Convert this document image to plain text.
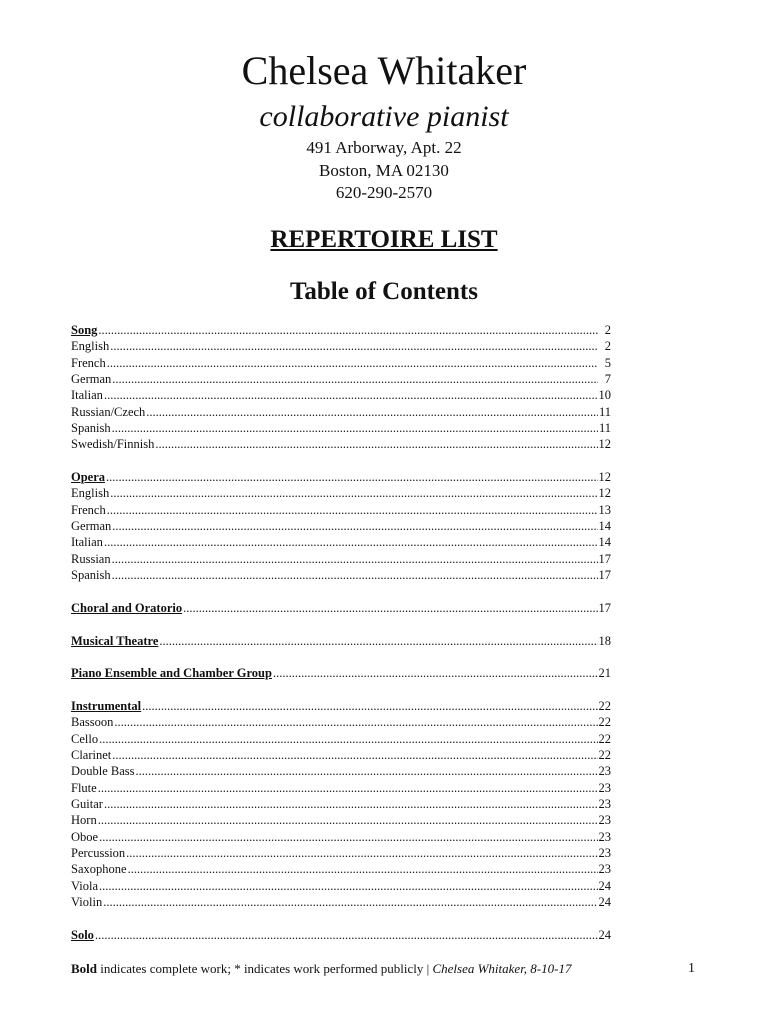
Chelsea Whitaker
collaborative pianist
491 Arborway, Apt. 22
Boston, MA 02130
620-290-2570
REPERTOIRE LIST
Table of Contents
Song .....	2
English .....	2
French .....	5
German .....	7
Italian .....	10
Russian/Czech .....	11
Spanish .....	11
Swedish/Finnish .....	12
Opera .....	12
English .....	12
French .....	13
German .....	14
Italian .....	14
Russian .....	17
Spanish .....	17
Choral and Oratorio .....	17
Musical Theatre .....	18
Piano Ensemble and Chamber Group .....	21
Instrumental .....	22
Bassoon .....	22
Cello .....	22
Clarinet .....	22
Double Bass .....	23
Flute .....	23
Guitar .....	23
Horn .....	23
Oboe .....	23
Percussion .....	23
Saxophone .....	23
Viola .....	24
Violin .....	24
Solo .....	24
Bold indicates complete work; * indicates work performed publicly | Chelsea Whitaker, 8-10-17	1
